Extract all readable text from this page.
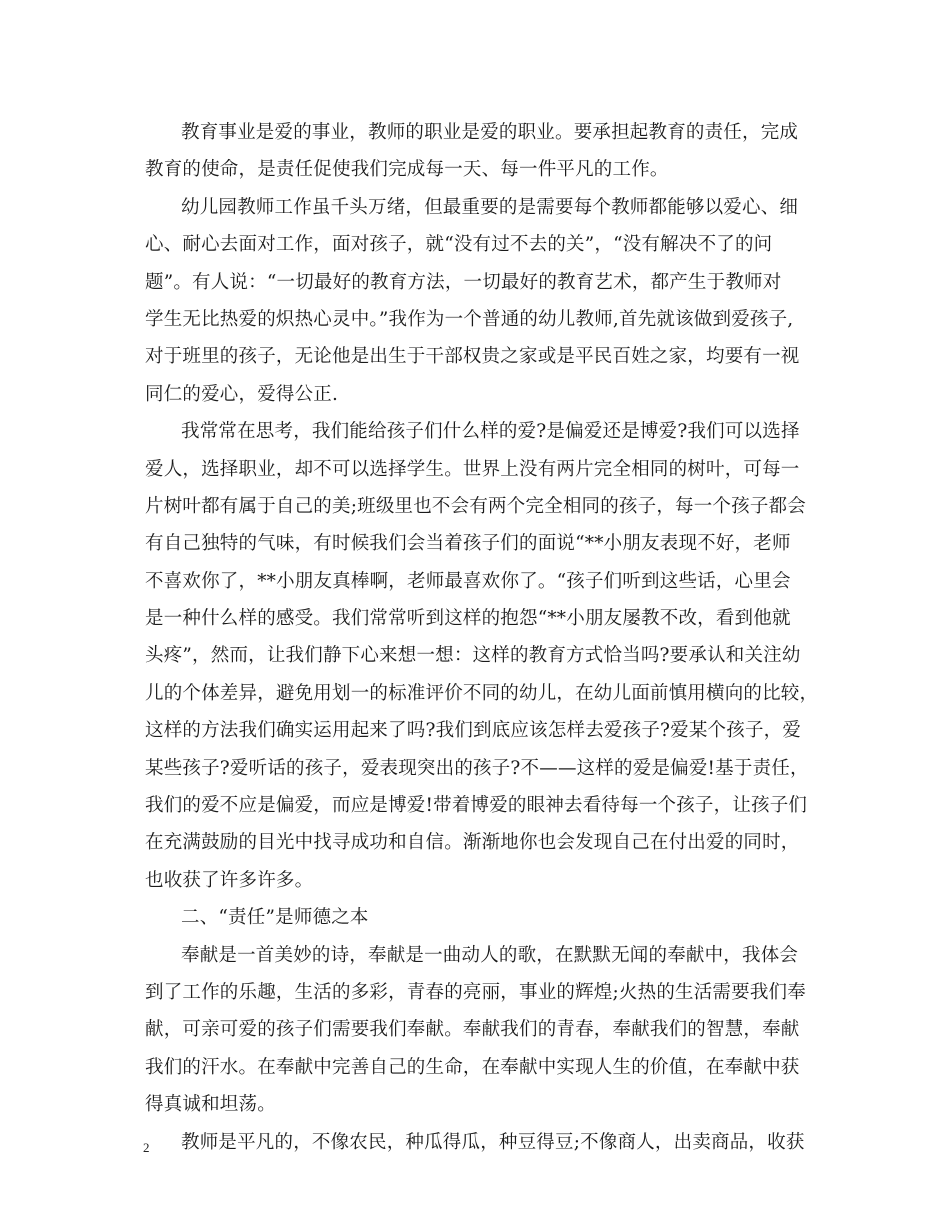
教育事业是爱的事业，教师的职业是爱的职业。要承担起教育的责任，完成
教育的使命，是责任促使我们完成每一天、每一件平凡的工作。
幼儿园教师工作虽千头万绪，但最重要的是需要每个教师都能够以爱心、细
心、耐心去面对工作，面对孩子，就“没有过不去的关”，“没有解决不了的问
题”。有人说：“一切最好的教育方法，一切最好的教育艺术，都产生于教师对
学生无比热爱的炽热心灵中。”我作为一个普通的幼儿教师,首先就该做到爱孩子,
对于班里的孩子，无论他是出生于干部权贵之家或是平民百姓之家，均要有一视
同仁的爱心，爱得公正.
我常常在思考，我们能给孩子们什么样的爱?是偏爱还是博爱?我们可以选择
爱人，选择职业，却不可以选择学生。世界上没有两片完全相同的树叶，可每一
片树叶都有属于自己的美;班级里也不会有两个完全相同的孩子，每一个孩子都会
有自己独特的气味，有时候我们会当着孩子们的面说“**小朋友表现不好，老师
不喜欢你了，**小朋友真棒啊，老师最喜欢你了。“孩子们听到这些话，心里会
是一种什么样的感受。我们常常听到这样的抱怨“**小朋友屡教不改，看到他就
头疼”，然而，让我们静下心来想一想：这样的教育方式恰当吗?要承认和关注幼
儿的个体差异，避免用划一的标准评价不同的幼儿，在幼儿面前慎用横向的比较，
这样的方法我们确实运用起来了吗?我们到底应该怎样去爱孩子?爱某个孩子，爱
某些孩子?爱听话的孩子，爱表现突出的孩子?不——这样的爱是偏爱!基于责任，
我们的爱不应是偏爱，而应是博爱!带着博爱的眼神去看待每一个孩子，让孩子们
在充满鼓励的目光中找寻成功和自信。渐渐地你也会发现自己在付出爱的同时，
也收获了许多许多。
二、“责任”是师德之本
奉献是一首美妙的诗，奉献是一曲动人的歌，在默默无闻的奉献中，我体会
到了工作的乐趣，生活的多彩，青春的亮丽，事业的辉煌;火热的生活需要我们奉
献，可亲可爱的孩子们需要我们奉献。奉献我们的青春，奉献我们的智慧，奉献
我们的汗水。在奉献中完善自己的生命，在奉献中实现人生的价值，在奉献中获
得真诚和坦荡。
教师是平凡的，不像农民，种瓜得瓜，种豆得豆;不像商人，出卖商品，收获
2
